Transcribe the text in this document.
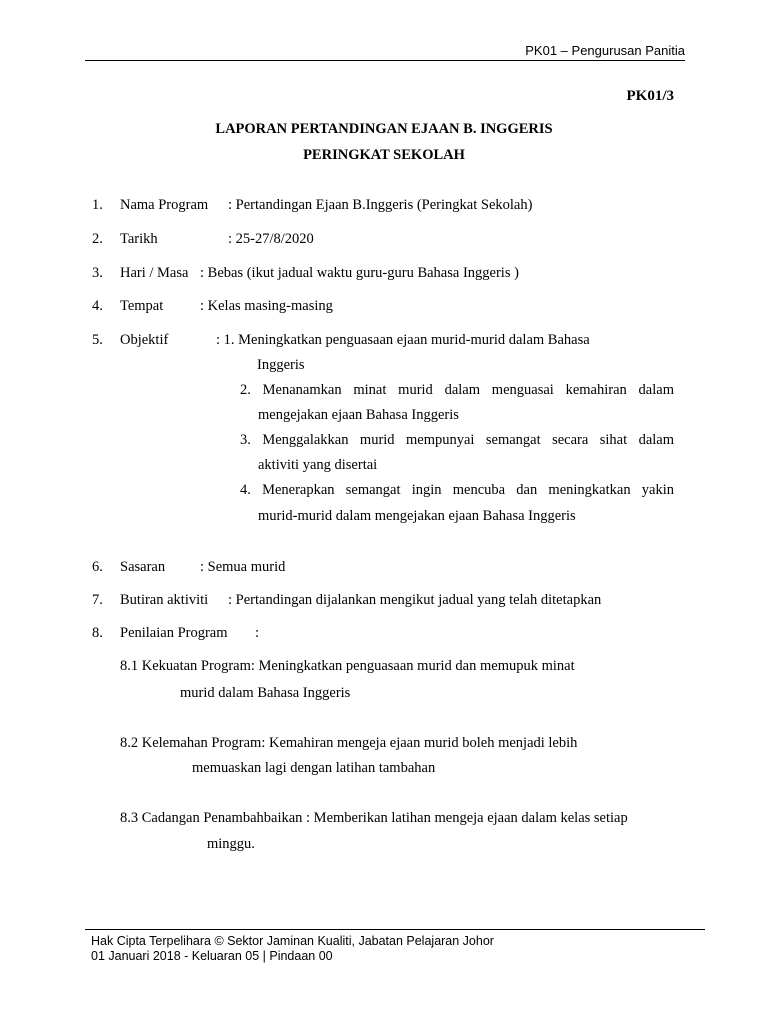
PK01 – Pengurusan Panitia
PK01/3
LAPORAN PERTANDINGAN EJAAN B. INGGERIS
PERINGKAT SEKOLAH
1. Nama Program : Pertandingan Ejaan B.Inggeris (Peringkat Sekolah)
2. Tarikh	: 25-27/8/2020
3. Hari / Masa : Bebas (ikut jadual waktu guru-guru Bahasa Inggeris )
4. Tempat	: Kelas masing-masing
5. Objektif	: 1. Meningkatkan penguasaan ejaan murid-murid dalam Bahasa
Inggeris
2. Menanamkan minat murid dalam menguasai kemahiran dalam
mengejakan ejaan Bahasa Inggeris
3. Menggalakkan murid mempunyai semangat secara sihat dalam
aktiviti yang disertai
4. Menerapkan semangat ingin mencuba dan meningkatkan yakin
murid-murid dalam mengejakan ejaan Bahasa Inggeris
6. Sasaran : Semua murid
7. Butiran aktiviti : Pertandingan dijalankan mengikut jadual yang telah ditetapkan
8. Penilaian Program :
8.1 Kekuatan Program: Meningkatkan penguasaan murid dan memupuk minat
murid dalam Bahasa Inggeris
8.2 Kelemahan Program: Kemahiran mengeja ejaan murid boleh menjadi lebih
memuaskan lagi dengan latihan tambahan
8.3 Cadangan Penambahbaikan : Memberikan latihan mengeja ejaan dalam kelas setiap
minggu.
Hak Cipta Terpelihara © Sektor Jaminan Kualiti, Jabatan Pelajaran Johor
01 Januari 2018 - Keluaran 05 | Pindaan 00
